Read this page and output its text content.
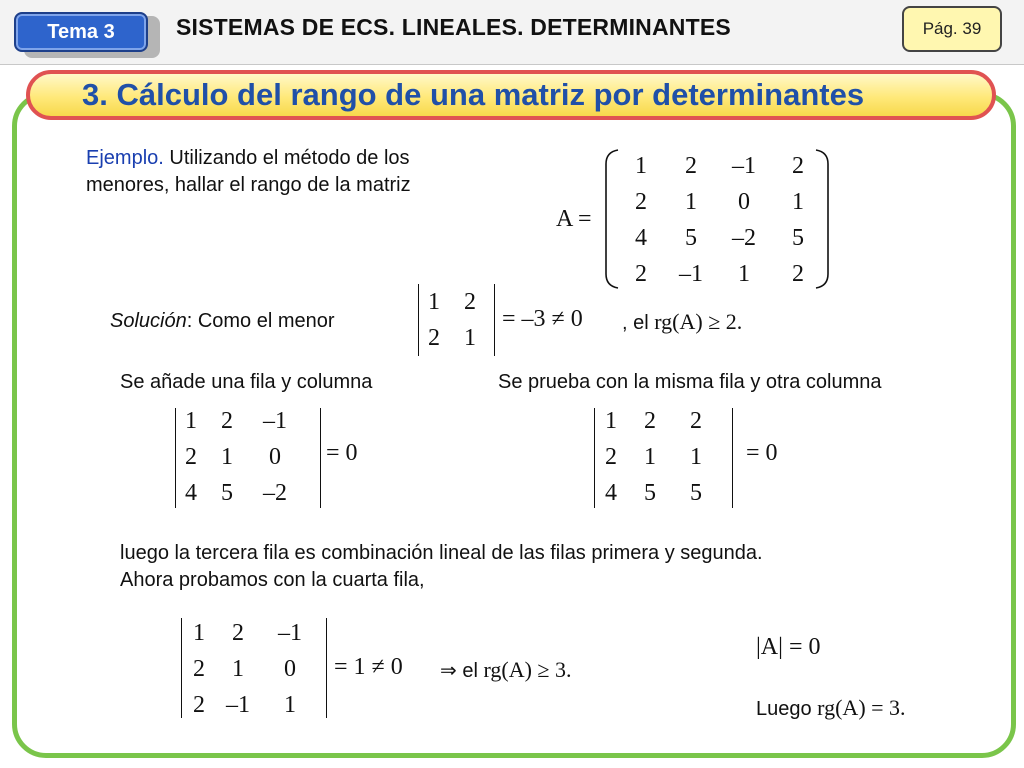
Tema 3	SISTEMAS DE ECS. LINEALES. DETERMINANTES	Pág. 39
3. Cálculo del rango de una matriz por determinantes
Ejemplo. Utilizando el método de los
menores, hallar el rango de la matriz
A =
1	2	–1	2
2	1	0	1
4	5	–2	5
2	–1	1	2
Solución: Como el menor
1	2
2	1
= –3 ≠ 0 , el rg(A) ≥ 2.
Se añade una fila y columna	Se prueba con la misma fila y otra columna
1	2	–1
2	1	0
4	5	–2
= 0
1	2	2
2	1	1
4	5	5
= 0
luego la tercera fila es combinación lineal de las filas primera y segunda.
Ahora probamos con la cuarta fila,
1	2	–1
2	1	0
2 –1	1
= 1 ≠ 0 ⇒ el rg(A) ≥ 3.
|A| = 0
Luego rg(A) = 3.
